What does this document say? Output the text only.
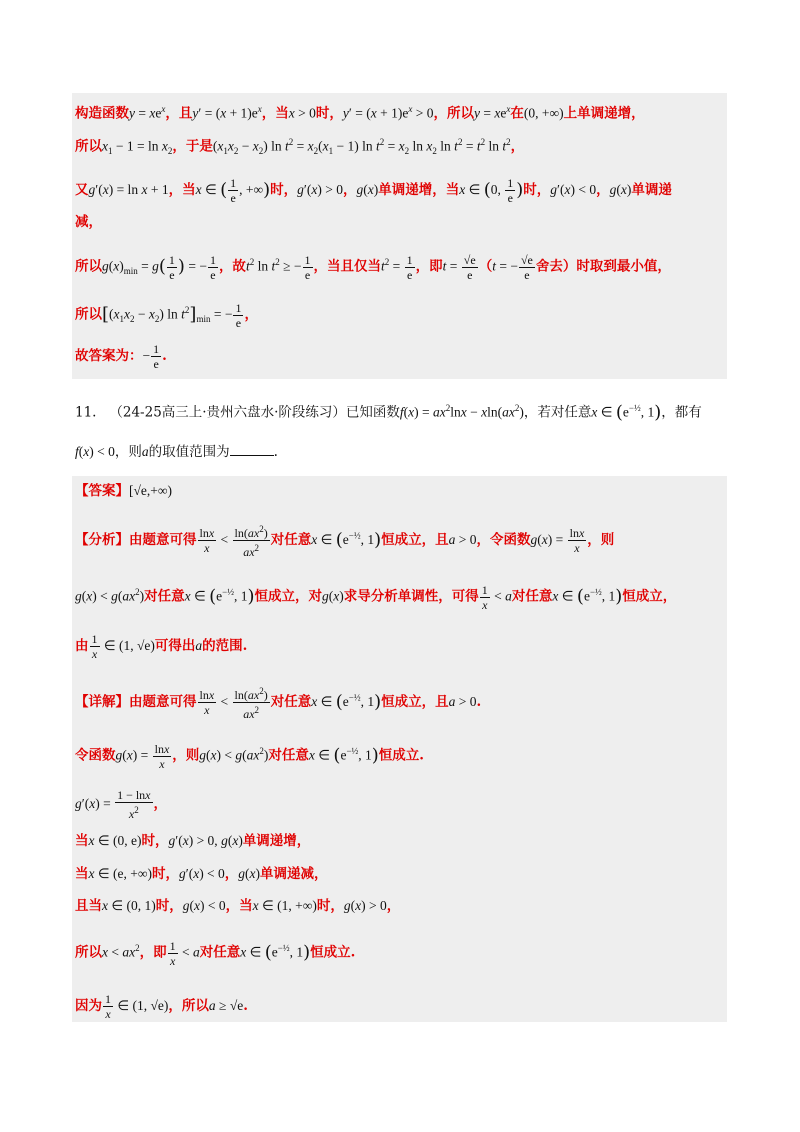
构造函数$y = xe^x$，且$y' = (x + 1)e^x$，当x > 0时，$y' = (x + 1)e^x > 0$，所以$y = xe^x$在(0, +∞)上单调递增，
所以$x_1 - 1 = \ln x_2$，于是$(x_1x_2 - x_2)$ $\ln t^2 = x_2(x_1 - 1)$ $\ln t^2 = x_2$ $\ln x_2$ $\ln t^2 = t^2$ $\ln t^2$，
又g′(x) = ln x + 1，当x ∈ ( $\frac{1}{e}$ , +∞)时，g′(x) > 0，g(x)单调递增，当x ∈ (0, $\frac{1}{e}$ )时，g′(x) < 0，g(x)单调递
减，
所以$g(x)_{min} = g( \frac{1}{e}$ ) = − $\frac{1}{e}$ ，故$t^2$ $\ln t^2$ ≥ − $\frac{1}{e}$ ，当且仅当$t^2 = \frac{1}{e}$ ，即$t = \frac{√e}{e} (t$ = − $\frac{√e}{e}$ 舍去）时取到最小值，
所以[$(x_1x_2 - x_2)$ $\ln t^2]_{min}$ = − $\frac{1}{e}$ ，
故答案为：− $\frac{1}{e}$ .
11. （24-25高三上·贵州六盘水·阶段练习）已知函数$f(x) = ax^2\ln x - xln(ax^2)$，若对任意x ∈ ($e^{-\frac{1}{2}}$, 1)，都有
f(x) < 0，则a的取值范围为	.
【答案】[√e,+∞)
【分析】由题意可得 $\frac{\ln x}{x} < \frac{\ln(ax^2)}{ax^2}$ 对任意x ∈ ($e^{-\frac{1}{2}}$, 1)恒成立，且a > 0，令函数$g(x) = \frac{\ln x}{x}$ ，则
$g(x) < g(ax^2)$对任意x ∈ ($e^{-\frac{1}{2}}$, 1)恒成立，对g(x)求导分析单调性，可得 $\frac{1}{x} < a$对任意x ∈ ($e^{-\frac{1}{2}}$, 1)恒成立，
由 $\frac{1}{x}$ ∈ (1, √e)可得出a的范围.
【详解】由题意可得 $\frac{\ln x}{x} < \frac{\ln(ax^2)}{ax^2}$ 对任意x ∈ ($e^{-\frac{1}{2}}$, 1)恒成立，且a > 0.
令函数$g(x) = \frac{\ln x}{x}$ ，则$g(x) < g(ax^2)$对任意x ∈ ($e^{-\frac{1}{2}}$, 1)恒成立.
$g'(x) = \frac{1 - \ln x}{x^2}$ ，
当x ∈ (0, e)时，g′(x) > 0, g(x)单调递增，
当x ∈ (e, +∞)时，g′(x) < 0，g(x)单调递减，
且当x ∈ (0, 1)时，g(x) < 0，当x ∈ (1, +∞)时，g(x) > 0，
所以$x < ax^2$，即 $\frac{1}{x} < a$对任意x ∈ ($e^{-\frac{1}{2}}$, 1)恒成立.
因为 $\frac{1}{x}$ ∈ (1, √e)，所以a ≥ √e.
